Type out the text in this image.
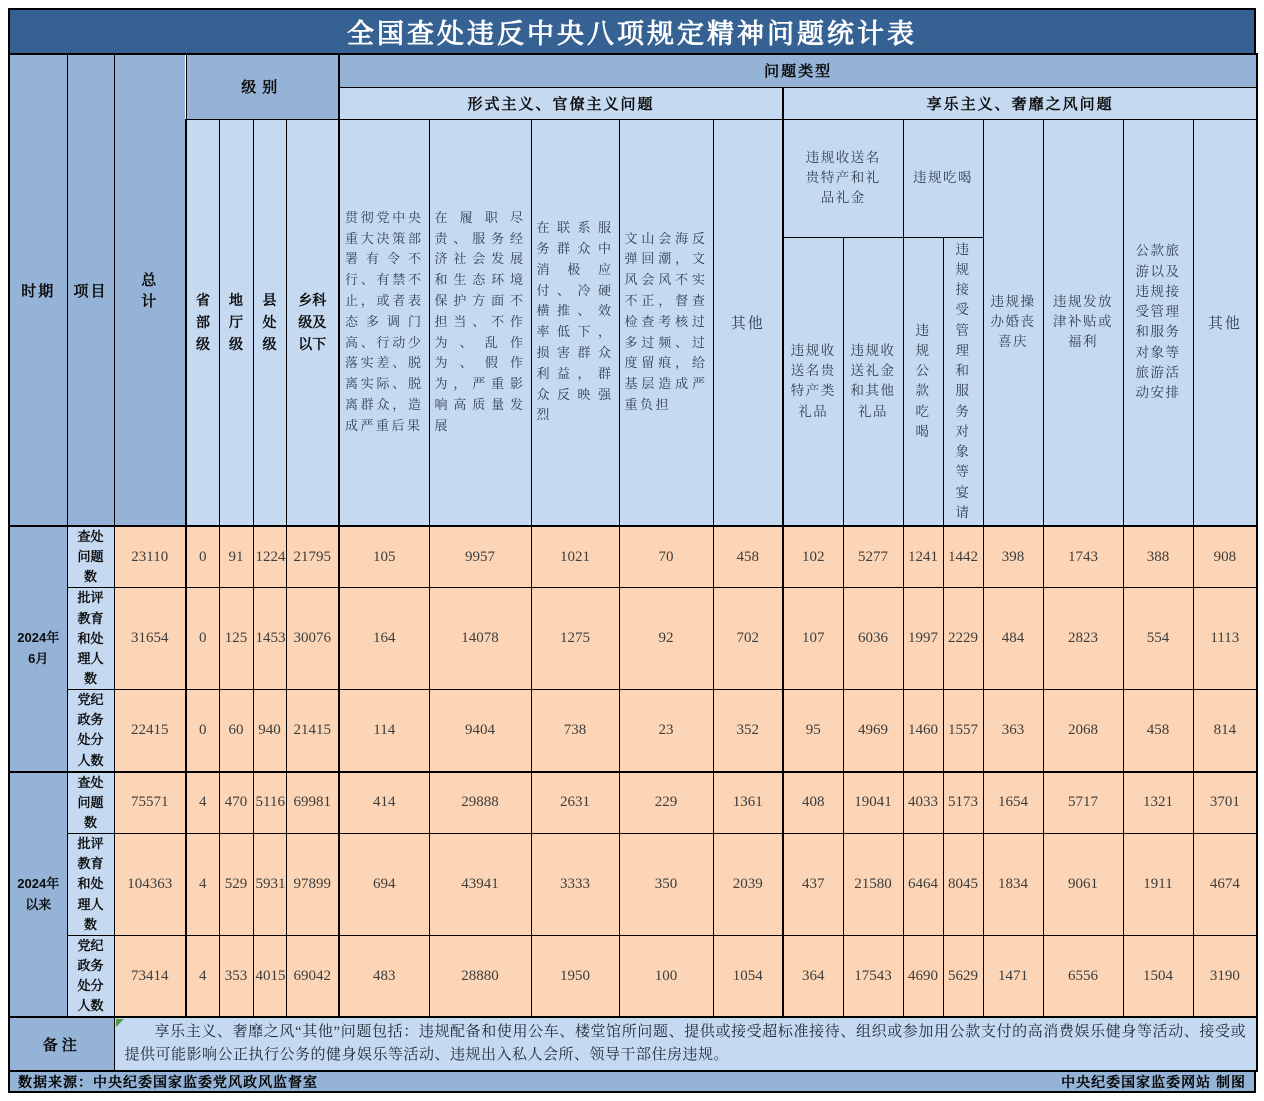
全国查处违反中央八项规定精神问题统计表
时期	项目	总计	级别				问题类型												
							形式主义、官僚主义问题					享乐主义、奢靡之风问题							
			省部级	地厅级	县处级	乡科级及以下	贯彻党中央重大决策部署有令不行、有禁不止，或者表态多调门高、行动少落实差、脱离实际、脱离群众，造成严重后果	在履职尽责、服务经济社会发展和生态环境保护方面不担当、不作为、乱作为、假作为，严重影响高质量发展	在联系服务群众中消极应付、冷硬横推、效率低下，损害群众利益，群众反映强烈	文山会海反弹回潮，文风会风不实不正，督查检查考核过多过频、过度留痕，给基层造成严重负担	其他	违规收送名贵特产和礼品礼金		违规吃喝		违规操办婚丧喜庆	违规发放津补贴或福利	公款旅游以及违规接受管理和服务对象等旅游活动安排	其他
												违规收送名贵特产类礼品	违规收送礼金和其他礼品	违规公款吃喝	违规接受管理和服务对象等宴请				
2024年6月	查处问题数	23110	0	91	1224	21795	105	9957	1021	70	458	102	5277	1241	1442	398	1743	388	908
	批评教育和处理人数	31654	0	125	1453	30076	164	14078	1275	92	702	107	6036	1997	2229	484	2823	554	1113
	党纪政务处分人数	22415	0	60	940	21415	114	9404	738	23	352	95	4969	1460	1557	363	2068	458	814
2024年以来	查处问题数	75571	4	470	5116	69981	414	29888	2631	229	1361	408	19041	4033	5173	1654	5717	1321	3701
	批评教育和处理人数	104363	4	529	5931	97899	694	43941	3333	350	2039	437	21580	6464	8045	1834	9061	1911	4674
	党纪政务处分人数	73414	4	353	4015	69042	483	28880	1950	100	1054	364	17543	4690	5629	1471	6556	1504	3190
备注		享乐主义、奢靡之风“其他”问题包括：违规配备和使用公车、楼堂馆所问题、提供或接受超标准接待、组织或参加用公款支付的高消费娱乐健身等活动、接受或提供可能影响公正执行公务的健身娱乐等活动、违规出入私人会所、领导干部住房违规。																	
数据来源：中央纪委国家监委党风政风监督室	中央纪委国家监委网站 制图
